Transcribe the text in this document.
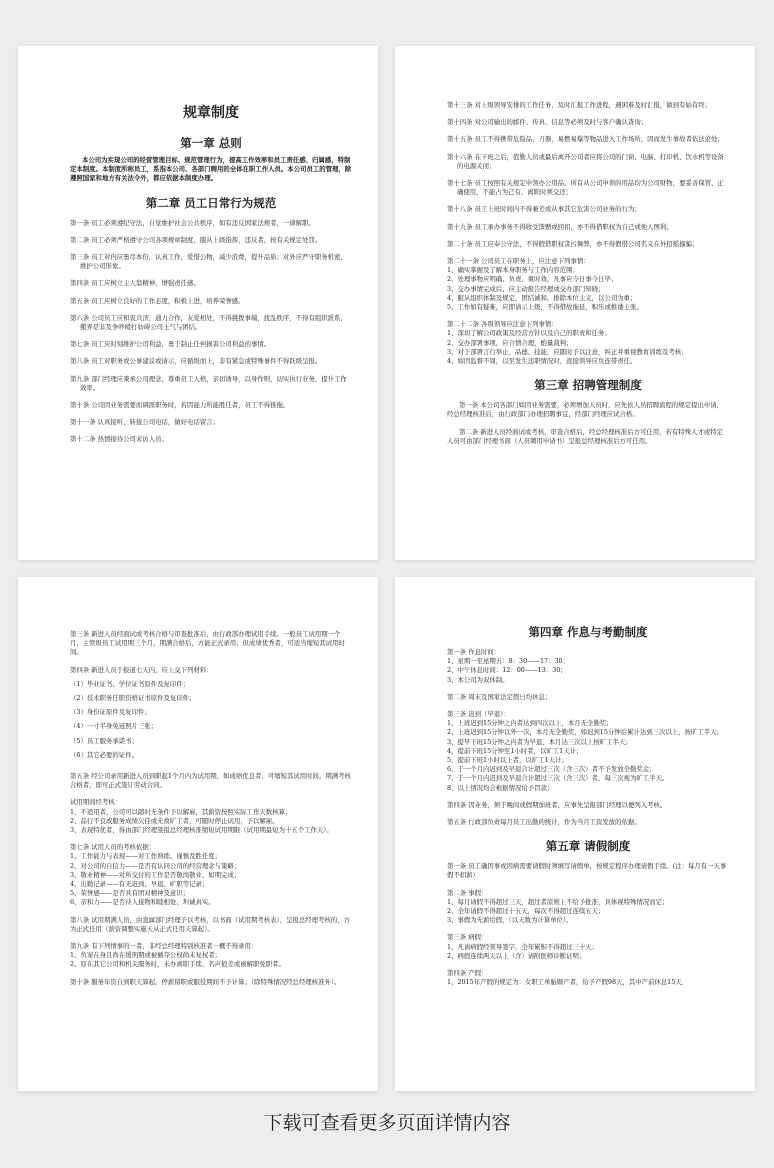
规章制度

第一章 总则

本公司为实现公司的经营管理目标、规范管理行为，提高工作效率和员工责任感、归属感，特制定本制度。本制度所称员工，系指本公司、各部门聘用的全体在职工作人员。本公司员工的管理，除遵照国家和地方有关法令外，都应依据本制度办理。

第二章 员工日常行为规范

第一条 员工必须遵纪守法，自觉维护社会公共秩序，如有违反国家法规者，一律解职。

第二条 员工必须严格遵守公司各项规章制度，服从上级指挥，违反者，按有关规定处罚。

第三条 员工对内应勇尽本份，认真工作，爱惜公物，减少浪费，提升品质；对外应严守职务机密，维护公司形象。

第四条 员工应树立主人翁精神，增强责任感。

第五条 员工应树立良好的工作态度，积极上进，培养荣誉感。

第六条 公司员工应和衷共济，通力合作，友爱相处，不得挑拨事端，扰乱秩序，不得有组织派系，搬弄是非及争吵殴打妨碍公司士气与团结。

第七条 员工应时刻维护公司利益，勇于制止任何损害公司利益的事情。

第八条 员工对职务或公事建议或请示，应循级而上，非有紧急或特殊事件不得跃级呈报。

第九条 部门经理应秉承公司理念，尊重员工人格，亲切诱导，以身作则，切实执行业务，提升工作效率。

第十条 公司因业务需要而调派职务时，若因能力所能胜任者，员工不得推拖。

第十一条 认真接听、转接公司电话，做好电话留言；

第十二条 热情接待公司来访人员；

第十三条 对上级领导安排的工作任务，及时汇报工作进程，遇困难及时汇报，做到有始有终；

第十四条 对公司输出的邮件、传真、信息等必须及时与客户确认查询；

第十五条 员工不得携带危险品、刀器、易燃易爆等物品进入工作场所，因而发生事故者依法论处；

第十六条 在下班之后，值勤人员或最后离开公司者应将公司的门窗、电脑、打印机、饮水机等设备的电源关闭；

第十七条 员工按照有关规定申领办公用品，所有从公司申领的用品均为公司财物，要妥善保管、正确使用，不能占为己有，离职时须交还；

第十八条 员工上班时间内不得兼差或从事其它危害公司业务的行为；

第十九条 员工承办事务不得收受馈赠或回扣，亦不得借职权为自己或他人图利；

第二十条 员工应奉公守法，不得假借职权贪污舞弊，亦不得假借公司名义在外招摇撞骗；

第二十一条 公司员工在职务上，应注意下列事情：

1、确实掌握及了解本身职务与工作内容范围；

2、处理事物应明确、负责、重时效，凡事应今日事今日毕；

3、交办事情完成后，应主动报告经理或交办部门知晓；

4、服从组织体制及规定，团结诚和，排除本位主义，以公司为重；

5、工作如有疑难，应即请示上级，不得借故拖延，积压或推诿主张。

第二十二条 各级领导应注意下列事情：

1、深切了解公司政策及经营方针以及自己的职责和任务；

2、交办部署事项，应合情合理，酌量裁判；

3、对于部署言行举止、品德、技能，应随时予以注意，纠正并重视教育训练及考核；

4、如因监督不周，以至发生违职情况时，直接领导应负连带责任。

第三章 招聘管理制度

第一条 本公司各部门如因业务需要，必须增加人员时，应先依人员招聘流程的规定提出申请，经总经理核准后，由行政部门办理招聘事宜，经部门经理应试合格。

第二条 新进人员经面试或考核、审查合格后，经总经理核准后方可任用，若有特殊人才或特定人员可由部门经理书面（人员聘用申请书）呈报总经理核准后方可任用。

第三条 新进人员经面试或考核合格与审查批准后，由行政部办理试用手续。一般员工试用期一个月，主管级员工试用期三个月，期满合格后，方能正式录用；但成绩优秀者，可适当缩短其试用时间。

第四条 新进人员于报道七天内，应上交下列材料：

（1）毕业证书、学位证书原件及复印件；

（2）技术职务任职资格证书原件及复印件；

（3）身份证原件及复印件；

（4）一寸半身免冠照片三张；

（5）员工服务承诺书；

（6）其它必要的证件。

第五条 经公司录用新进人员到职起1个月内为试用期，如成绩优良者，可缩短其试用时间，期满考核合格者，即可正式签订劳动合同。

试用期间经考核：

1、不适用者，公司可以随时无条件予以解雇，其薪资按照实际工作天数核算；

2、品行不良或服务成绩欠佳或无故旷工者，可随时停止试用，予以解雇。

3、表现特优者，得由部门经理签报总经理核准缩短试用期限（试用期最短为十五个工作天）。

第七条 试用人员的考核依据：

1、工作能力与表现——对工作熟练、谨慎及胜任度；

2、对公司的自信力——是否有认同公司的经营理念与策略；

3、敬业精神——对所交付的工作是否敬岗敬业、如期完成；

4、出勤记录——有无迟到、早退、旷职等记录；

5、荣誉感——是否具有团对精神及意识；

6、亲和力——是否待人接物和睦相处、坦诚真实。

第八条 试用期满人员，由直属部门经理予以考核，以书面（试用期考核表），呈报总经理考核的，方为正式任用（薪资调整实施天从正式任用天算起）。

第九条 有下列情事的一者，非经总经理特别核准者一概不得录用：

1、负案在身且尚在缓刑期或被褫夺公权尚未复权者；

2、原在其它公司和机关服务时，未办离职手续、名声狼差或被解职免职者。

第十条 服务年资自到职天算起，停薪留职或服役期间不予计算；（除特殊情况经总经理核准外）。

第四章 作息与考勤制度

第一条 作息时间：

1、星期一至星期五：8：30——17：30；

2、中午休息时间：12：00——13：30；

3、本公司为双休制。

第二条 周末及国家法定假日均休息；

第三条 迟到（早退）：

1、上班迟到15分钟之内者达到四次以上，本月无全勤奖；

2、上班迟到15分钟以外一次，本月无全勤奖，如迟到15分钟后累计达到三次以上，按旷工半天；

3、提早下班15分钟之内者为早退，本月达三次以上按旷工半天；

4、提前下班15分钟至1小时者，以旷工1天计；

5、提前下班1小时以上者，以旷工1天计；

6、于一个月内迟到及早退合计超过三次（含三次）者不予发放全勤奖金；

7、于一个月内迟到及早退合计超过三次（含三次）者，每三次视为旷工半天。

8、以上情况均会根据情况给予罚款；

第四条 因业务，须于晚间或假期加班者，应事先呈报部门经理以便列入考核。

第五条 行政部负责每月员工出勤的统计，作为当月工资发放的依据。

第五章 请假制度

第一条 员工确因事或因病需要请假时须填写请假单，按规定程序办理请假手续。(注：每月有一天事假不扣薪）

第二条 事假：

1、每月请假不得超过三天，超过者原则上不给予批准，具体视特殊情况而定；

2、全年请假不得超过十五天，每次不得超过连续五天；

3、事假为无薪给假，（以天数为计算单位）。

第三条 病假：

1、凡请病假经领导签字，全年累积不得超过三十天；

2、病假连续两天以上（含）请附医师诊断证明；

第四条 产假：

1、2015年产假的规定为：女职工单胎顺产者，给予产假98天，其中产前休息15天，

下载可查看更多页面详情内容
